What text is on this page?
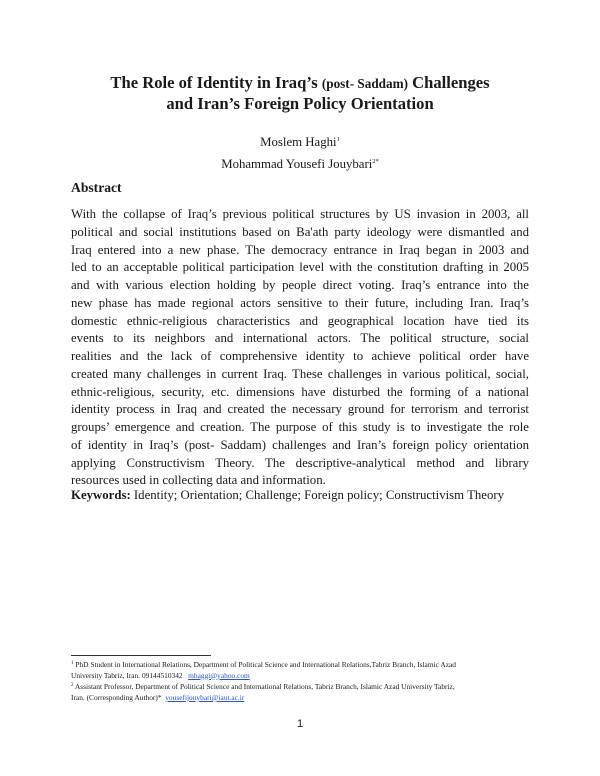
The Role of Identity in Iraq’s (post- Saddam) Challenges
and Iran’s Foreign Policy Orientation
Moslem Haghi$^1$
Mohammad Yousefi Jouybari$^{2*}$
Abstract
With the collapse of Iraq’s previous political structures by US invasion in 2003, all
political and social institutions based on Ba'ath party ideology were dismantled and
Iraq entered into a new phase. The democracy entrance in Iraq began in 2003 and
led to an acceptable political participation level with the constitution drafting in 2005
and with various election holding by people direct voting. Iraq’s entrance into the
new phase has made regional actors sensitive to their future, including Iran. Iraq’s
domestic ethnic-religious characteristics and geographical location have tied its
events to its neighbors and international actors. The political structure, social
realities and the lack of comprehensive identity to achieve political order have
created many challenges in current Iraq. These challenges in various political, social,
ethnic-religious, security, etc. dimensions have disturbed the forming of a national
identity process in Iraq and created the necessary ground for terrorism and terrorist
groups’ emergence and creation. The purpose of this study is to investigate the role
of identity in Iraq’s (post- Saddam) challenges and Iran’s foreign policy orientation
applying Constructivism Theory. The descriptive-analytical method and library
resources used in collecting data and information.
Keywords: Identity; Orientation; Challenge; Foreign policy; Constructivism Theory
$^1$ PhD Student in International Relations, Department of Political Science and International Relations,Tabriz Branch, Islamic Azad
University Tabriz, Iran. 09144510342 mhaggi@yahoo.com
$^2$ Assistant Professor, Department of Political Science and International Relations, Tabriz Branch, Islamic Azad University Tabriz,
Iran. (Corresponding Author)* yousefijouybari@iaut.ac.ir
1
